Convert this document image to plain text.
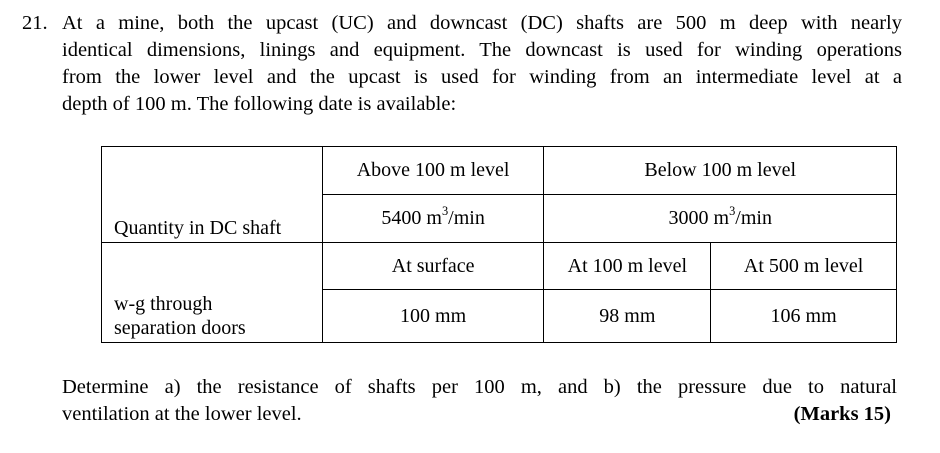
21. At a mine, both the upcast (UC) and downcast (DC) shafts are 500 m deep with nearly
identical dimensions, linings and equipment. The downcast is used for winding operations
from the lower level and the upcast is used for winding from an intermediate level at a
depth of 100 m. The following date is available:
Quantity in DC shaft	Above 100 m level	Below 100 m level	
	5400 $m^3/\min$	3000 $m^3/\min$	
w-g through
separation doors	At surface	At 100 m level	At 500 m level
	100 mm	98 mm	106 mm
Determine a) the resistance of shafts per 100 m, and b) the pressure due to natural
ventilation at the lower level.	(Marks 15)
